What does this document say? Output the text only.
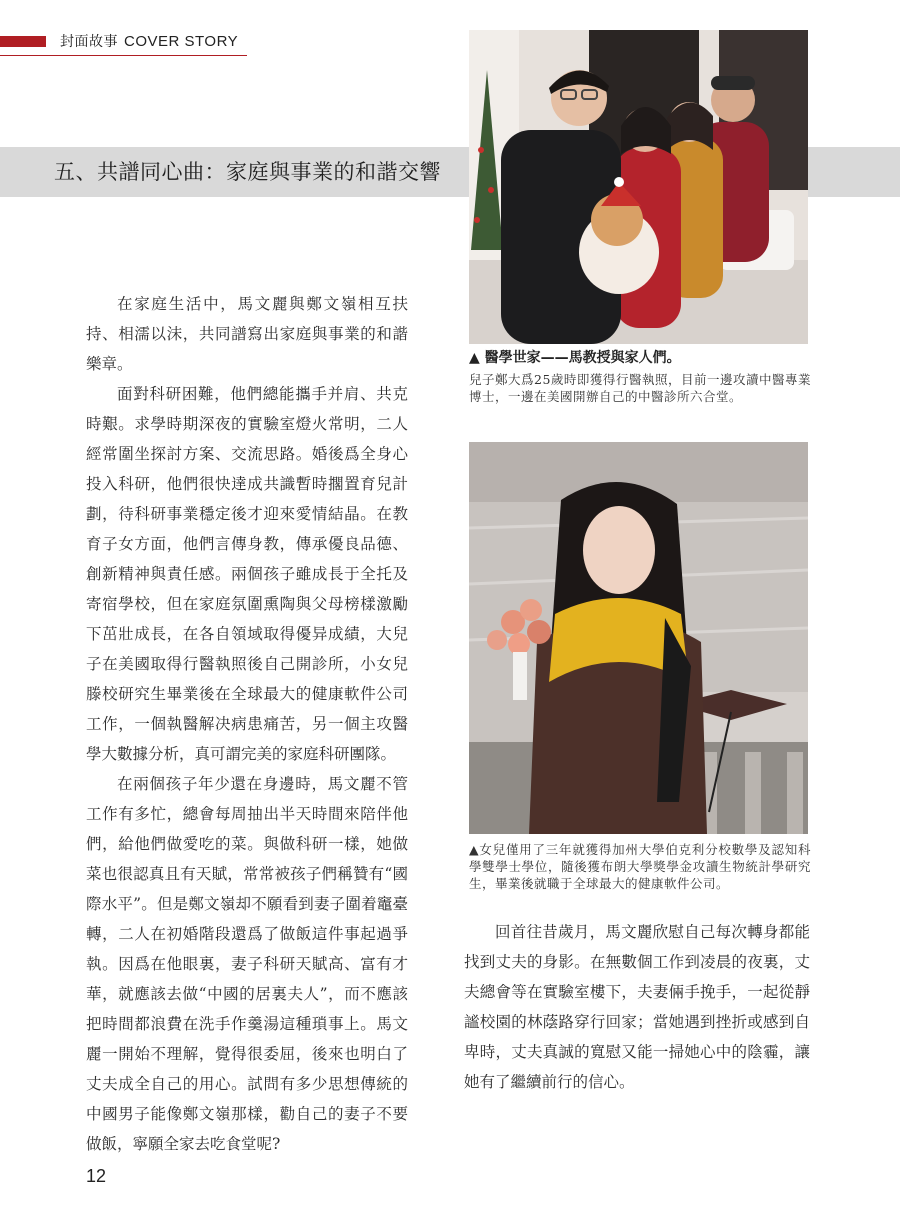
封面故事 COVER STORY
五、共譜同心曲：家庭與事業的和諧交響

在家庭生活中，馬文麗與鄭文嶺相互扶持、相濡以沫，共同譜寫出家庭與事業的和諧樂章。

面對科研困難，他們總能攜手并肩、共克時艱。求學時期深夜的實驗室燈火常明，二人經常圍坐探討方案、交流思路。婚後爲全身心投入科研，他們很快達成共識暫時擱置育兒計劃，待科研事業穩定後才迎來愛情結晶。在教育子女方面，他們言傳身教，傳承優良品德、創新精神與責任感。兩個孩子雖成長于全托及寄宿學校，但在家庭氛圍熏陶與父母榜樣激勵下茁壯成長，在各自領域取得優异成績，大兒子在美國取得行醫執照後自己開診所，小女兒滕校研究生畢業後在全球最大的健康軟件公司工作，一個執醫解决病患痛苦，另一個主攻醫學大數據分析，真可謂完美的家庭科研團隊。

在兩個孩子年少還在身邊時，馬文麗不管工作有多忙，總會每周抽出半天時間來陪伴他們，給他們做愛吃的菜。與做科研一樣，她做菜也很認真且有天賦，常常被孩子們稱贊有“國際水平”。但是鄭文嶺却不願看到妻子圍着竈臺轉，二人在初婚階段還爲了做飯這件事起過爭執。因爲在他眼裏，妻子科研天賦高、富有才華，就應該去做“中國的居裏夫人”，而不應該把時間都浪費在洗手作羹湯這種瑣事上。馬文麗一開始不理解，覺得很委屈，後來也明白了丈夫成全自己的用心。試問有多少思想傳統的中國男子能像鄭文嶺那樣，勸自己的妻子不要做飯，寧願全家去吃食堂呢?

▲ 醫學世家——馬教授與家人們。
兒子鄭大爲25歲時即獲得行醫執照，目前一邊攻讀中醫專業博士，一邊在美國開辦自己的中醫診所六合堂。
▲女兒僅用了三年就獲得加州大學伯克利分校數學及認知科學雙學士學位，隨後獲布朗大學獎學金攻讀生物統計學研究生，畢業後就職于全球最大的健康軟件公司。

回首往昔歲月，馬文麗欣慰自己每次轉身都能找到丈夫的身影。在無數個工作到凌晨的夜裏，丈夫總會等在實驗室樓下，夫妻倆手挽手，一起從靜謐校園的林蔭路穿行回家；當她遇到挫折或感到自卑時，丈夫真誠的寬慰又能一掃她心中的陰霾，讓她有了繼續前行的信心。

12
